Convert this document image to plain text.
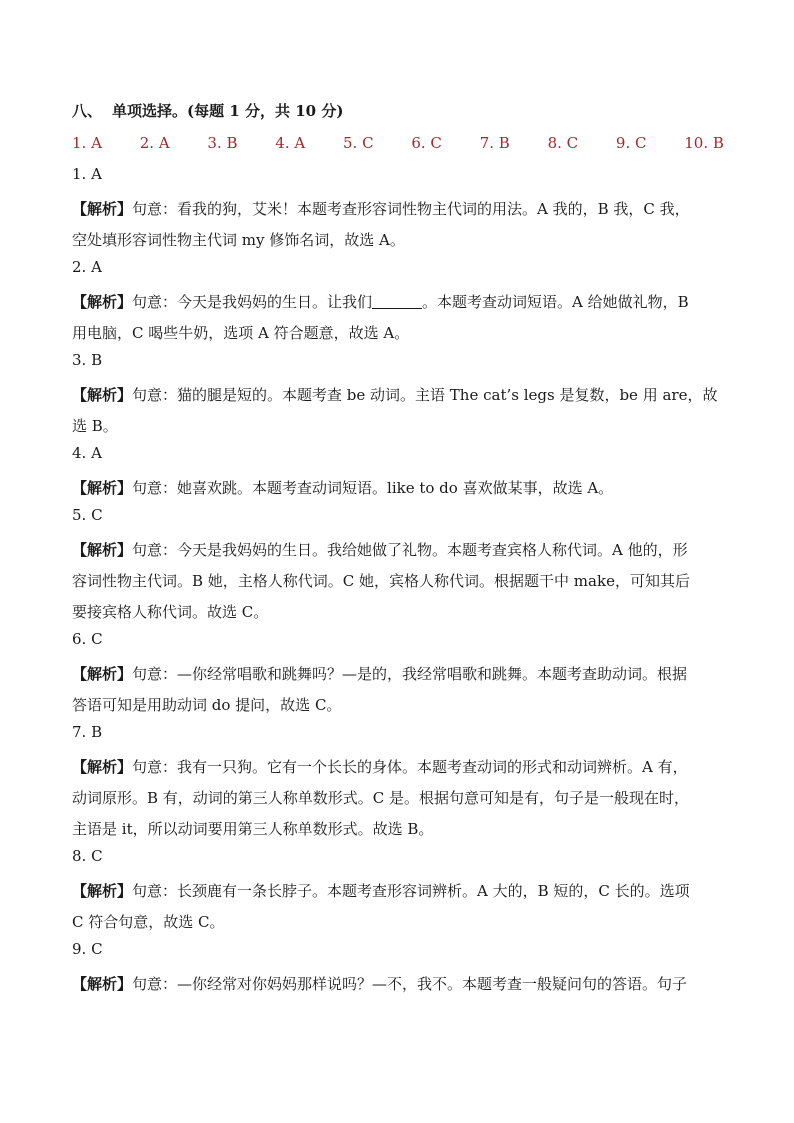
八、 单项选择。(每题 1 分，共 10 分)
1. A	2. A	3. B	4. A	5. C	6. C	7. B	8. C	9. C	10. B
1. A

【解析】句意：看我的狗，艾米！本题考查形容词性物主代词的用法。A 我的，B 我，C 我，

空处填形容词性物主代词 my 修饰名词，故选 A。

2. A

【解析】句意：今天是我妈妈的生日。让我们	。本题考查动词短语。A 给她做礼物，B

用电脑，C 喝些牛奶，选项 A 符合题意，故选 A。

3. B

【解析】句意：猫的腿是短的。本题考查 be 动词。主语 The cat’s legs 是复数，be 用 are，故

选 B。

4. A

【解析】句意：她喜欢跳。本题考查动词短语。like to do 喜欢做某事，故选 A。

5. C

【解析】句意：今天是我妈妈的生日。我给她做了礼物。本题考查宾格人称代词。A 他的，形

容词性物主代词。B 她，主格人称代词。C 她，宾格人称代词。根据题干中 make，可知其后

要接宾格人称代词。故选 C。

6. C

【解析】句意：—你经常唱歌和跳舞吗？—是的，我经常唱歌和跳舞。本题考查助动词。根据

答语可知是用助动词 do 提问，故选 C。

7. B

【解析】句意：我有一只狗。它有一个长长的身体。本题考查动词的形式和动词辨析。A 有，

动词原形。B 有，动词的第三人称单数形式。C 是。根据句意可知是有，句子是一般现在时，

主语是 it，所以动词要用第三人称单数形式。故选 B。

8. C

【解析】句意：长颈鹿有一条长脖子。本题考查形容词辨析。A 大的，B 短的，C 长的。选项

C 符合句意，故选 C。

9. C

【解析】句意：—你经常对你妈妈那样说吗？—不，我不。本题考查一般疑问句的答语。句子
